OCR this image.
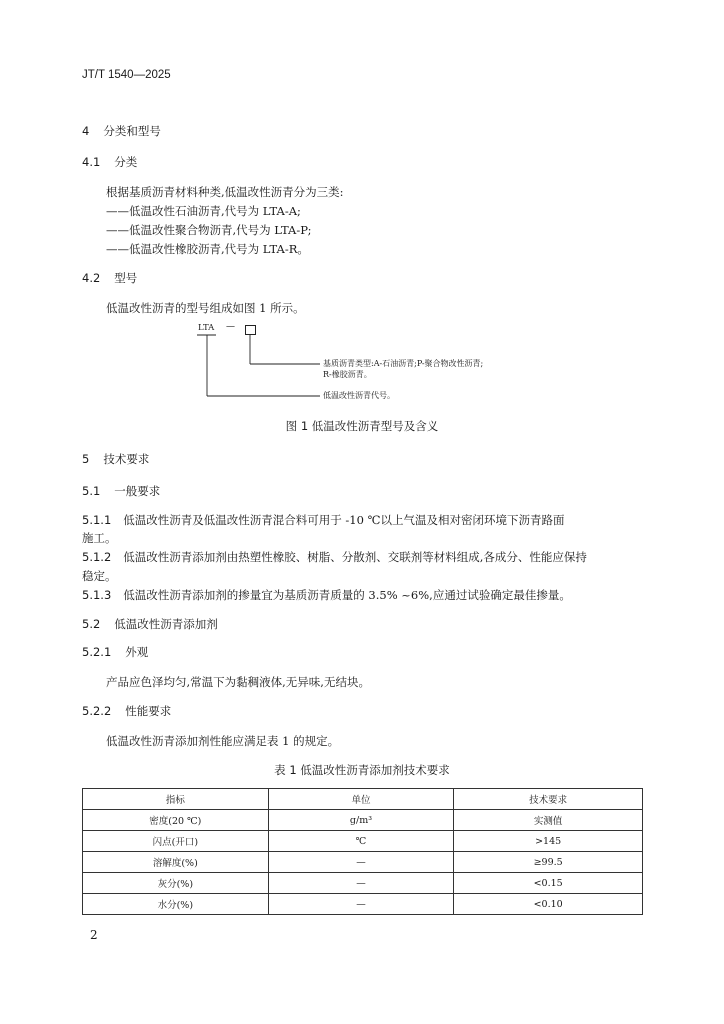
JT/T 1540—2025
4 分类和型号
4.1 分类
根据基质沥青材料种类,低温改性沥青分为三类:
——低温改性石油沥青,代号为 LTA-A;
——低温改性聚合物沥青,代号为 LTA-P;
——低温改性橡胶沥青,代号为 LTA-R。
4.2 型号
低温改性沥青的型号组成如图 1 所示。
LTA —
基质沥青类型:A-石油沥青;P-聚合物改性沥青;
R-橡胶沥青。
低温改性沥青代号。
图 1 低温改性沥青型号及含义
5 技术要求
5.1 一般要求
5.1.1 低温改性沥青及低温改性沥青混合料可用于 -10 ℃以上气温及相对密闭环境下沥青路面
施工。
5.1.2 低温改性沥青添加剂由热塑性橡胶、树脂、分散剂、交联剂等材料组成,各成分、性能应保持
稳定。
5.1.3 低温改性沥青添加剂的掺量宜为基质沥青质量的 3.5% ~6%,应通过试验确定最佳掺量。
5.2 低温改性沥青添加剂
5.2.1 外观
产品应色泽均匀,常温下为黏稠液体,无异味,无结块。
5.2.2 性能要求
低温改性沥青添加剂性能应满足表 1 的规定。
表 1 低温改性沥青添加剂技术要求
指标	单位	技术要求
密度(20 ℃)	g/m³	实测值
闪点(开口)	℃	>145
溶解度(%)	—	≥99.5
灰分(%)	—	<0.15
水分(%)	—	<0.10
2
